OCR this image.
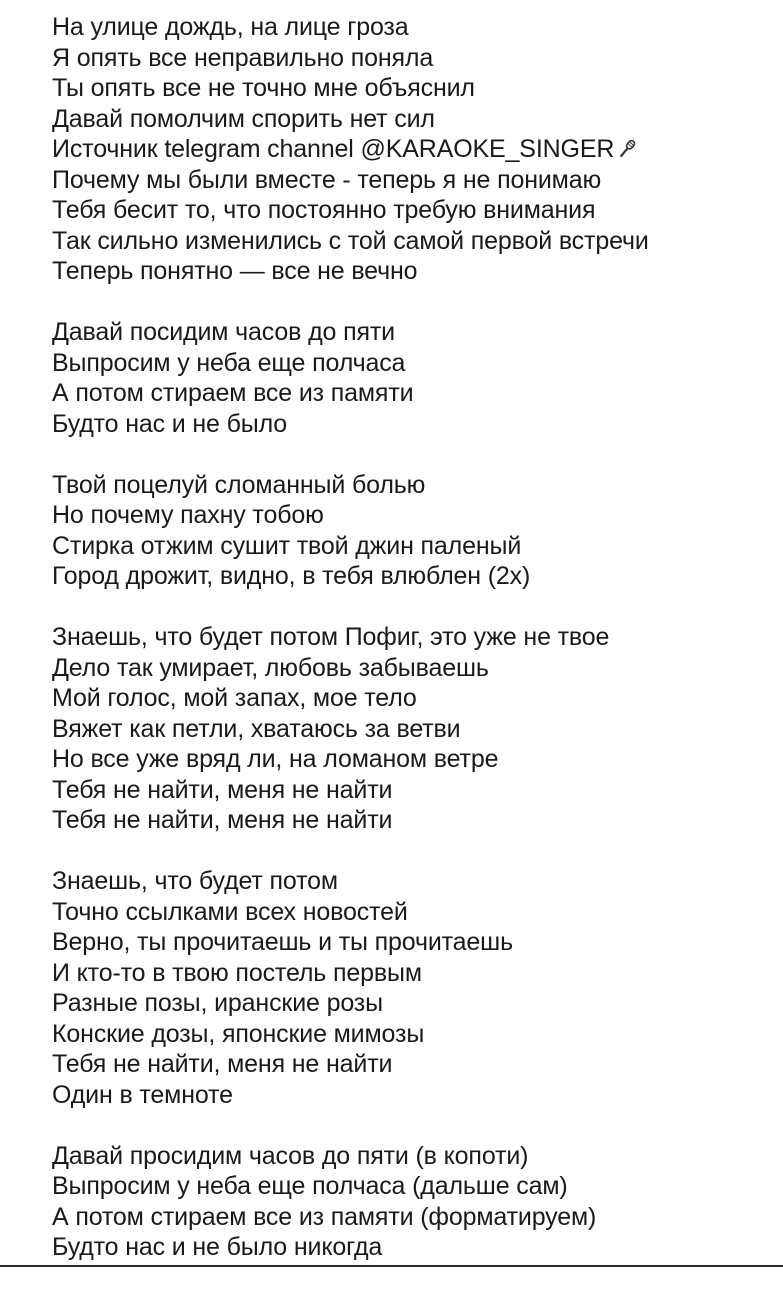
На улице дождь, на лице гроза
Я опять все неправильно поняла
Ты опять все не точно мне объяснил
Давай помолчим спорить нет сил
Источник telegram channel @KARAOKE_SINGER
Почему мы были вместе - теперь я не понимаю
Тебя бесит то, что постоянно требую внимания
Так сильно изменились с той самой первой встречи
Теперь понятно — все не вечно
Давай посидим часов до пяти
Выпросим у неба еще полчаса
А потом стираем все из памяти
Будто нас и не было
Твой поцелуй сломанный болью
Но почему пахну тобою
Стирка отжим сушит твой джин паленый
Город дрожит, видно, в тебя влюблен (2х)
Знаешь, что будет потом Пофиг, это уже не твое
Дело так умирает, любовь забываешь
Мой голос, мой запах, мое тело
Вяжет как петли, хватаюсь за ветви
Но все уже вряд ли, на ломаном ветре
Тебя не найти, меня не найти
Тебя не найти, меня не найти
Знаешь, что будет потом
Точно ссылками всех новостей
Верно, ты прочитаешь и ты прочитаешь
И кто-то в твою постель первым
Разные позы, иранские розы
Конские дозы, японские мимозы
Тебя не найти, меня не найти
Один в темноте
Давай просидим часов до пяти (в копоти)
Выпросим у неба еще полчаса (дальше сам)
А потом стираем все из памяти (форматируем)
Будто нас и не было никогда
